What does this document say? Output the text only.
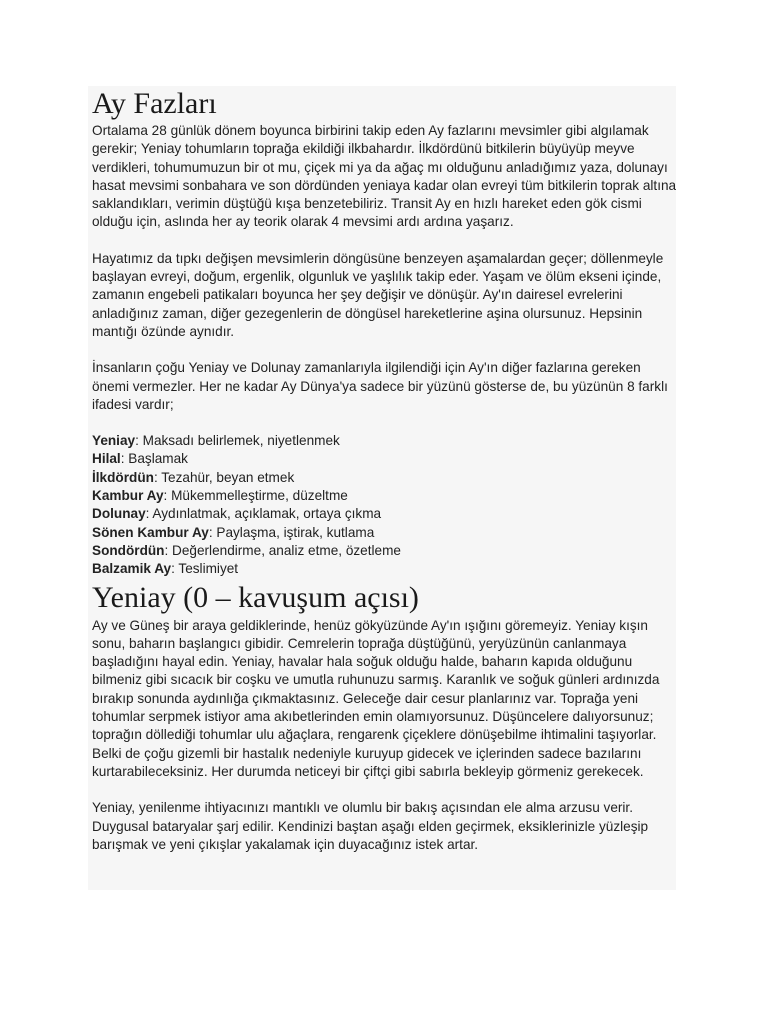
Ay Fazları

Ortalama 28 günlük dönem boyunca birbirini takip eden Ay fazlarını mevsimler gibi algılamak gerekir; Yeniay tohumların toprağa ekildiği ilkbahardır. İlkdördünü bitkilerin büyüyüp meyve verdikleri, tohumumuzun bir ot mu, çiçek mi ya da ağaç mı olduğunu anladığımız yaza, dolunayı hasat mevsimi sonbahara ve son dördünden yeniaya kadar olan evreyi tüm bitkilerin toprak altına saklandıkları, verimin düştüğü kışa benzetebiliriz. Transit Ay en hızlı hareket eden gök cismi olduğu için, aslında her ay teorik olarak 4 mevsimi ardı ardına yaşarız.

Hayatımız da tıpkı değişen mevsimlerin döngüsüne benzeyen aşamalardan geçer; döllenmeyle başlayan evreyi, doğum, ergenlik, olgunluk ve yaşlılık takip eder. Yaşam ve ölüm ekseni içinde, zamanın engebeli patikaları boyunca her şey değişir ve dönüşür. Ay'ın dairesel evrelerini anladığınız zaman, diğer gezegenlerin de döngüsel hareketlerine aşina olursunuz. Hepsinin mantığı özünde aynıdır.

İnsanların çoğu Yeniay ve Dolunay zamanlarıyla ilgilendiği için Ay'ın diğer fazlarına gereken önemi vermezler. Her ne kadar Ay Dünya'ya sadece bir yüzünü gösterse de, bu yüzünün 8 farklı ifadesi vardır;

Yeniay: Maksadı belirlemek, niyetlenmek
Hilal: Başlamak
İlkdördün: Tezahür, beyan etmek
Kambur Ay: Mükemmelleştirme, düzeltme
Dolunay: Aydınlatmak, açıklamak, ortaya çıkma
Sönen Kambur Ay: Paylaşma, iştirak, kutlama
Sondördün: Değerlendirme, analiz etme, özetleme
Balzamik Ay: Teslimiyet
Yeniay (0 – kavuşum açısı)

Ay ve Güneş bir araya geldiklerinde, henüz gökyüzünde Ay'ın ışığını göremeyiz. Yeniay kışın sonu, baharın başlangıcı gibidir. Cemrelerin toprağa düştüğünü, yeryüzünün canlanmaya başladığını hayal edin. Yeniay, havalar hala soğuk olduğu halde, baharın kapıda olduğunu bilmeniz gibi sıcacık bir coşku ve umutla ruhunuzu sarmış. Karanlık ve soğuk günleri ardınızda bırakıp sonunda aydınlığa çıkmaktasınız. Geleceğe dair cesur planlarınız var. Toprağa yeni tohumlar serpmek istiyor ama akıbetlerinden emin olamıyorsunuz. Düşüncelere dalıyorsunuz; toprağın döllediği tohumlar ulu ağaçlara, rengarenk çiçeklere dönüşebilme ihtimalini taşıyorlar. Belki de çoğu gizemli bir hastalık nedeniyle kuruyup gidecek ve içlerinden sadece bazılarını kurtarabileceksiniz. Her durumda neticeyi bir çiftçi gibi sabırla bekleyip görmeniz gerekecek.

Yeniay, yenilenme ihtiyacınızı mantıklı ve olumlu bir bakış açısından ele alma arzusu verir. Duygusal bataryalar şarj edilir. Kendinizi baştan aşağı elden geçirmek, eksiklerinizle yüzleşip barışmak ve yeni çıkışlar yakalamak için duyacağınız istek artar.
